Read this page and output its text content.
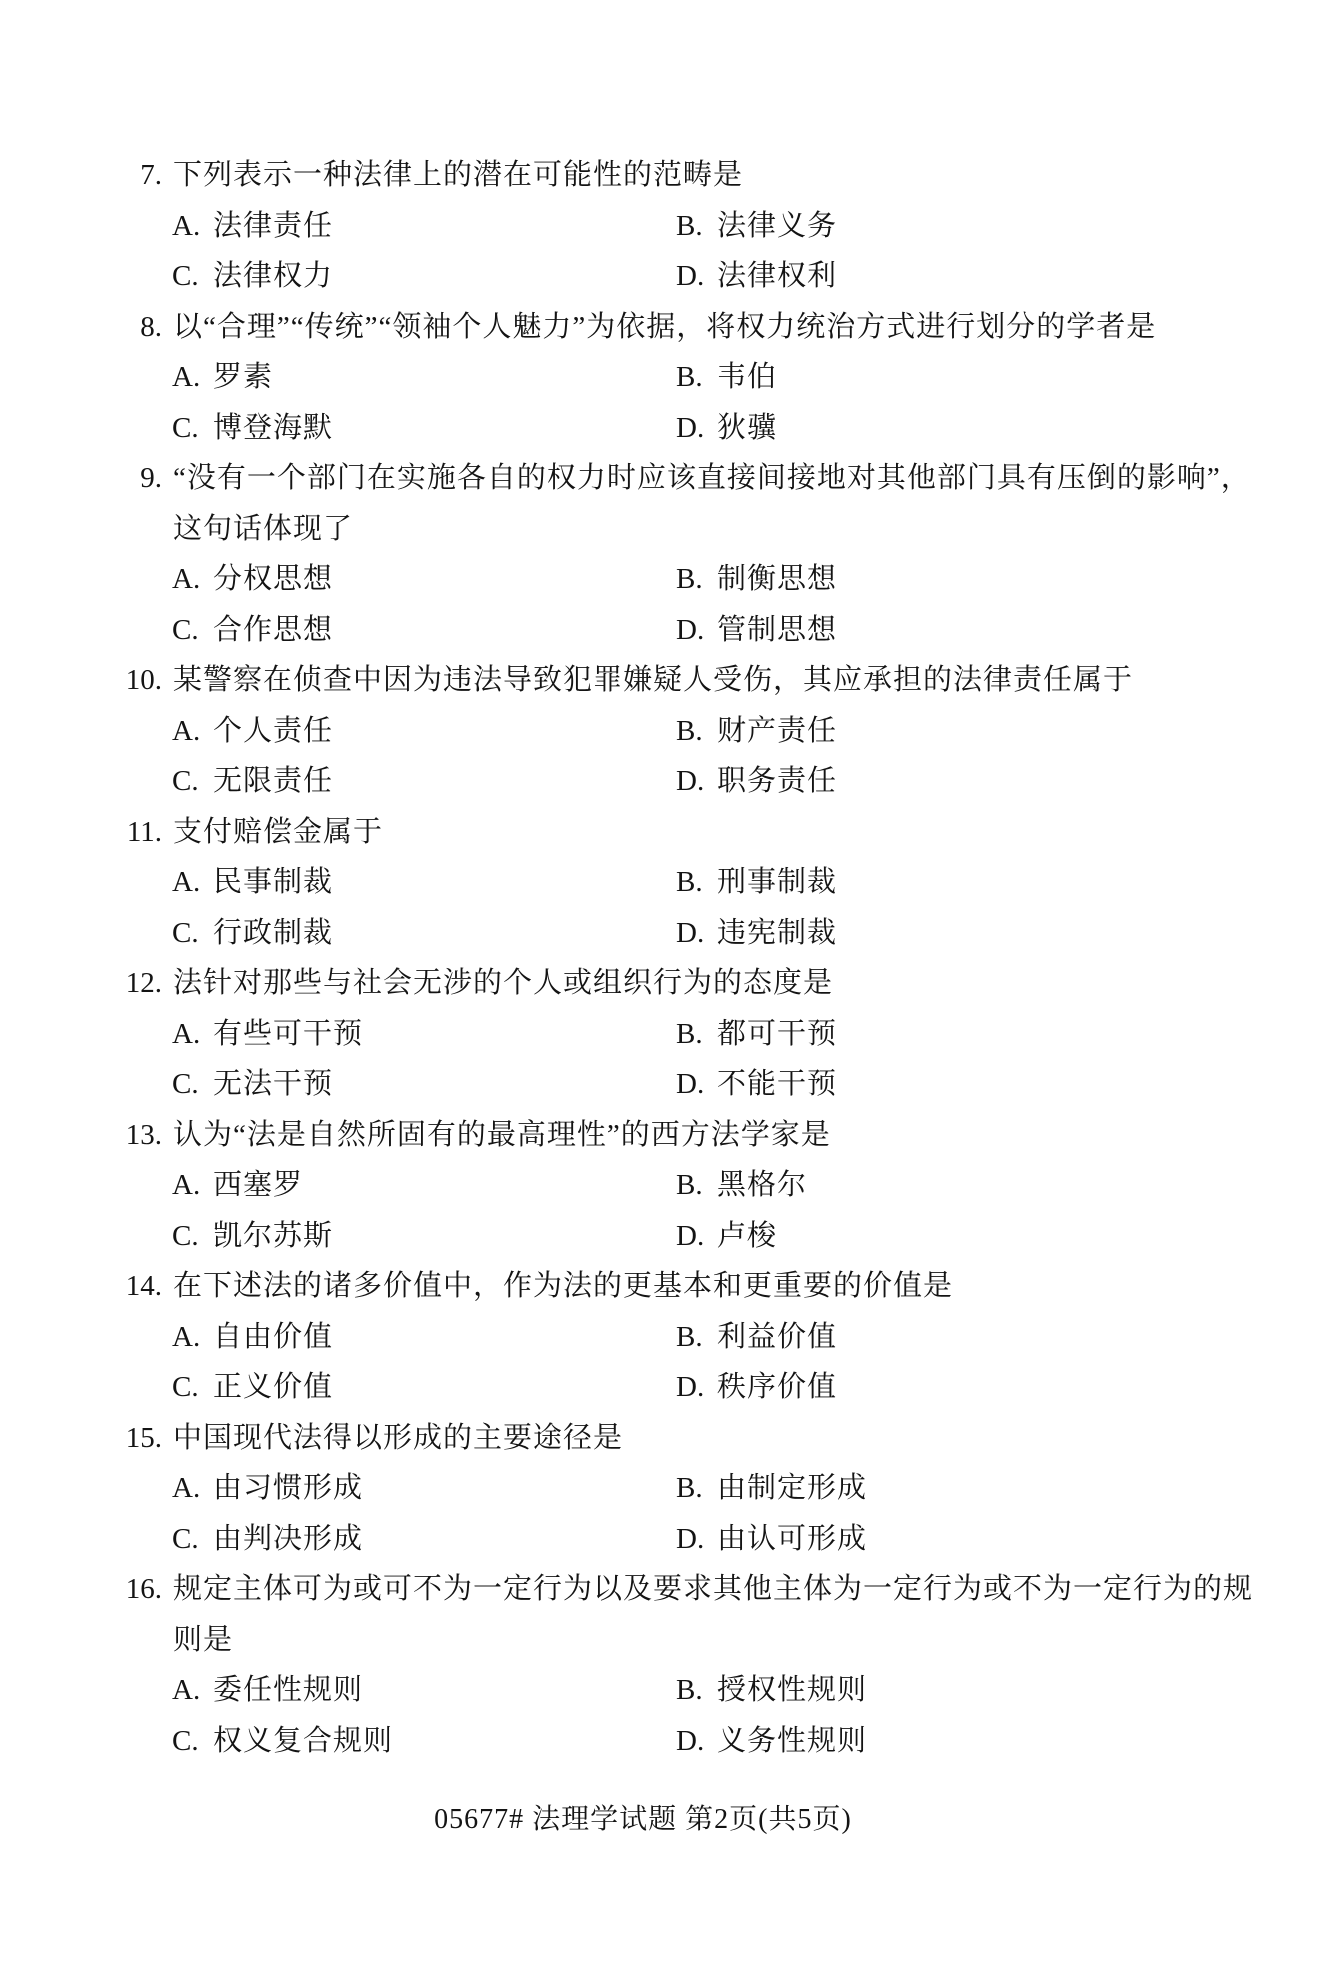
7. 下列表示一种法律上的潜在可能性的范畴是
A. 法律责任	B. 法律义务
C. 法律权力	D. 法律权利
8. 以“合理”“传统”“领袖个人魅力”为依据，将权力统治方式进行划分的学者是
A. 罗素	B. 韦伯
C. 博登海默	D. 狄骥
9. “没有一个部门在实施各自的权力时应该直接间接地对其他部门具有压倒的影响”，
这句话体现了
A. 分权思想	B. 制衡思想
C. 合作思想	D. 管制思想
10. 某警察在侦查中因为违法导致犯罪嫌疑人受伤，其应承担的法律责任属于
A. 个人责任	B. 财产责任
C. 无限责任	D. 职务责任
11. 支付赔偿金属于
A. 民事制裁	B. 刑事制裁
C. 行政制裁	D. 违宪制裁
12. 法针对那些与社会无涉的个人或组织行为的态度是
A. 有些可干预	B. 都可干预
C. 无法干预	D. 不能干预
13. 认为“法是自然所固有的最高理性”的西方法学家是
A. 西塞罗	B. 黑格尔
C. 凯尔苏斯	D. 卢梭
14. 在下述法的诸多价值中，作为法的更基本和更重要的价值是
A. 自由价值	B. 利益价值
C. 正义价值	D. 秩序价值
15. 中国现代法得以形成的主要途径是
A. 由习惯形成	B. 由制定形成
C. 由判决形成	D. 由认可形成
16. 规定主体可为或可不为一定行为以及要求其他主体为一定行为或不为一定行为的规
则是
A. 委任性规则	B. 授权性规则
C. 权义复合规则	D. 义务性规则
05677# 法理学试题 第2页(共5页)
